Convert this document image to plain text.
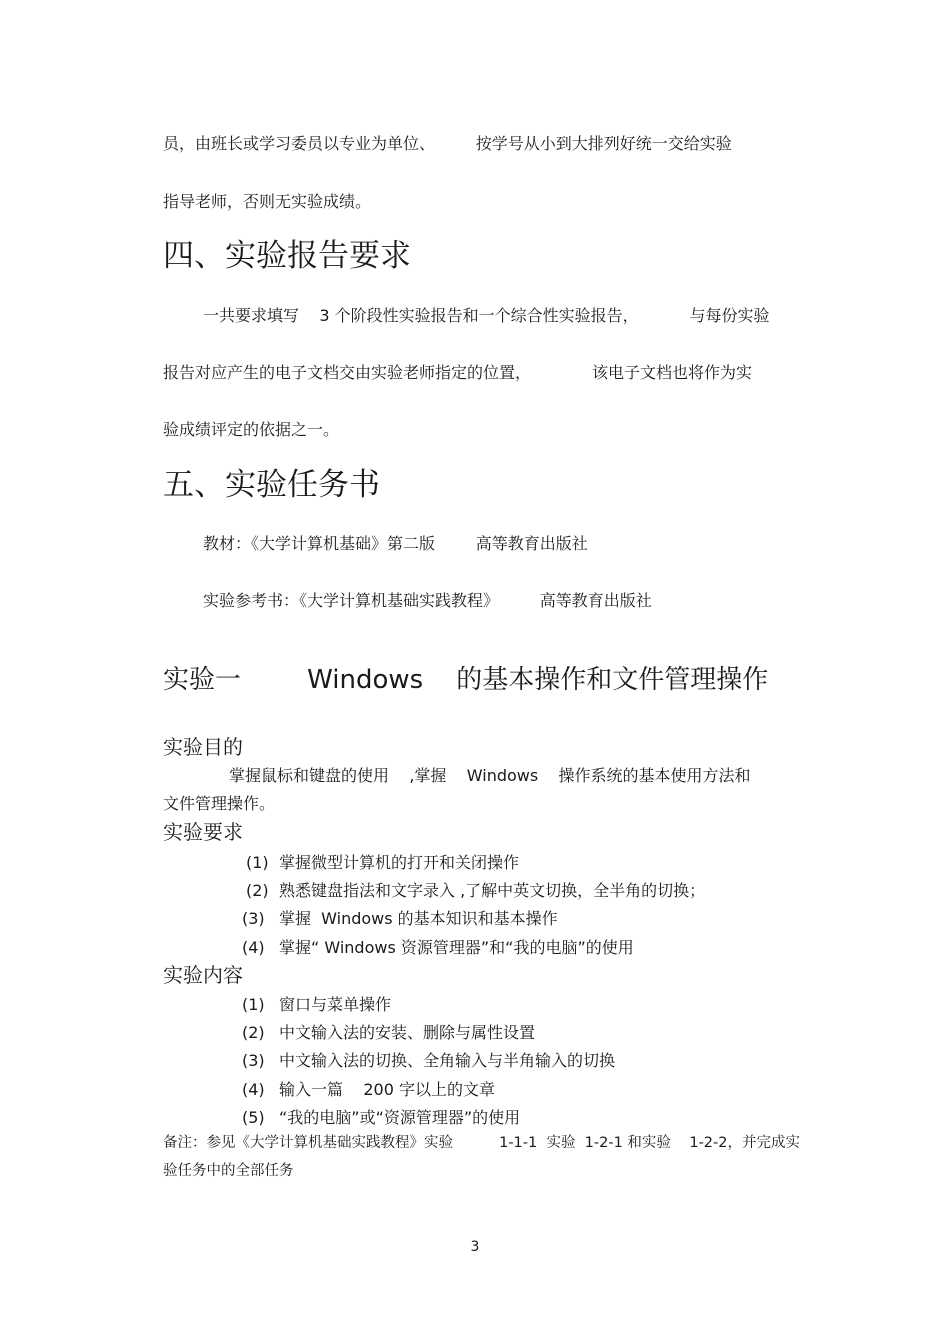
员，由班长或学习委员以专业为单位、        按学号从小到大排列好统一交给实验
指导老师，否则无实验成绩。
四、实验报告要求
一共要求填写    3 个阶段性实验报告和一个综合性实验报告，          与每份实验
报告对应产生的电子文档交由实验老师指定的位置，            该电子文档也将作为实
验成绩评定的依据之一。
五、实验任务书
教材：《大学计算机基础》第二版        高等教育出版社
实验参考书：《大学计算机基础实践教程》        高等教育出版社
实验一        Windows    的基本操作和文件管理操作
实验目的
掌握鼠标和键盘的使用    ,掌握    Windows    操作系统的基本使用方法和
文件管理操作。
实验要求
(1) 掌握微型计算机的打开和关闭操作
(2) 熟悉键盘指法和文字录入 ,了解中英文切换，全半角的切换；
(3) 掌握  Windows 的基本知识和基本操作
(4) 掌握“ Windows 资源管理器”和“我的电脑”的使用
实验内容
(1) 窗口与菜单操作
(2) 中文输入法的安装、删除与属性设置
(3) 中文输入法的切换、全角输入与半角输入的切换
(4) 输入一篇    200 字以上的文章
(5) “我的电脑”或“资源管理器”的使用
备注：参见《大学计算机基础实践教程》实验          1-1-1  实验  1-2-1 和实验    1-2-2，并完成实
验任务中的全部任务
3
